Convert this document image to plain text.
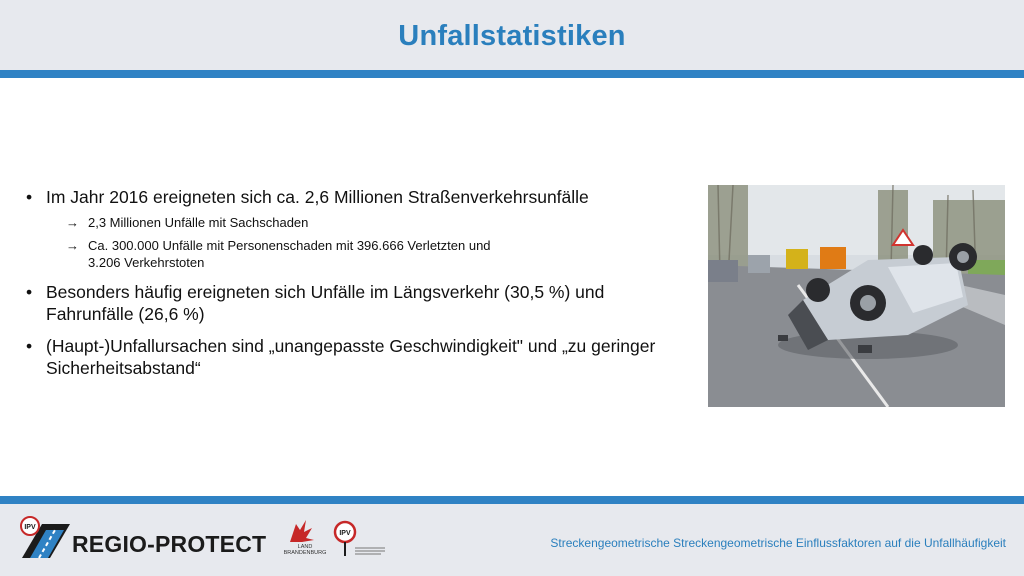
Unfallstatistiken
• Im Jahr 2016 ereigneten sich ca. 2,6 Millionen Straßenverkehrsunfälle
→ 2,3 Millionen Unfälle mit Sachschaden
→ Ca. 300.000 Unfälle mit Personenschaden mit 396.666 Verletzten und 3.206 Verkehrstoten
• Besonders häufig ereigneten sich Unfälle im Längsverkehr (30,5 %) und Fahrunfälle (26,6 %)
• (Haupt-)Unfallursachen sind „unangepasste Geschwindigkeit" und „zu geringer Sicherheitsabstand“
IPV
REGIO-PROTECT	LAND
BRANDENBURG
IPV
Streckengeometrische Streckengeometrische Einflussfaktoren auf die Unfallhäufigkeit
